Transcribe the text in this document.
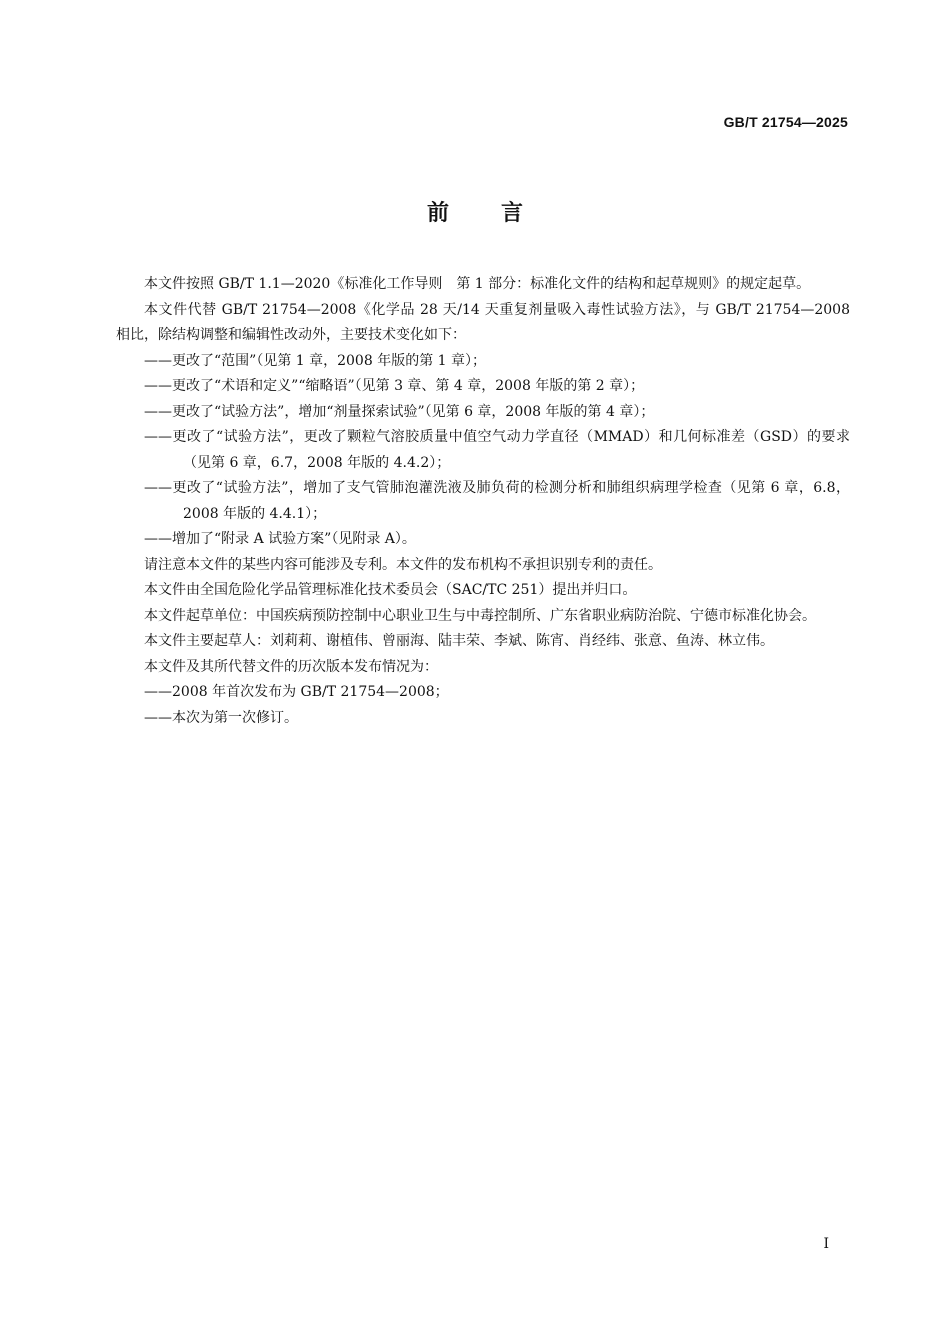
GB/T 21754—2025
前 言

本文件按照 GB/T 1.1—2020《标准化工作导则　第 1 部分：标准化文件的结构和起草规则》的规定起草。

本文件代替 GB/T 21754—2008《化学品 28 天/14 天重复剂量吸入毒性试验方法》，与 GB/T 21754—2008 相比，除结构调整和编辑性改动外，主要技术变化如下：

——更改了“范围”（见第 1 章，2008 年版的第 1 章）；

——更改了“术语和定义”“缩略语”（见第 3 章、第 4 章，2008 年版的第 2 章）；

——更改了“试验方法”，增加“剂量探索试验”（见第 6 章，2008 年版的第 4 章）；

——更改了“试验方法”，更改了颗粒气溶胶质量中值空气动力学直径（MMAD）和几何标准差（GSD）的要求（见第 6 章，6.7，2008 年版的 4.4.2）；

——更改了“试验方法”，增加了支气管肺泡灌洗液及肺负荷的检测分析和肺组织病理学检查（见第 6 章，6.8，2008 年版的 4.4.1）；

——增加了“附录 A 试验方案”（见附录 A）。

请注意本文件的某些内容可能涉及专利。本文件的发布机构不承担识别专利的责任。

本文件由全国危险化学品管理标准化技术委员会（SAC/TC 251）提出并归口。

本文件起草单位：中国疾病预防控制中心职业卫生与中毒控制所、广东省职业病防治院、宁德市标准化协会。

本文件主要起草人：刘莉莉、谢植伟、曾丽海、陆丰荣、李斌、陈宵、肖经纬、张意、鱼涛、林立伟。

本文件及其所代替文件的历次版本发布情况为：

——2008 年首次发布为 GB/T 21754—2008；

——本次为第一次修订。

I
